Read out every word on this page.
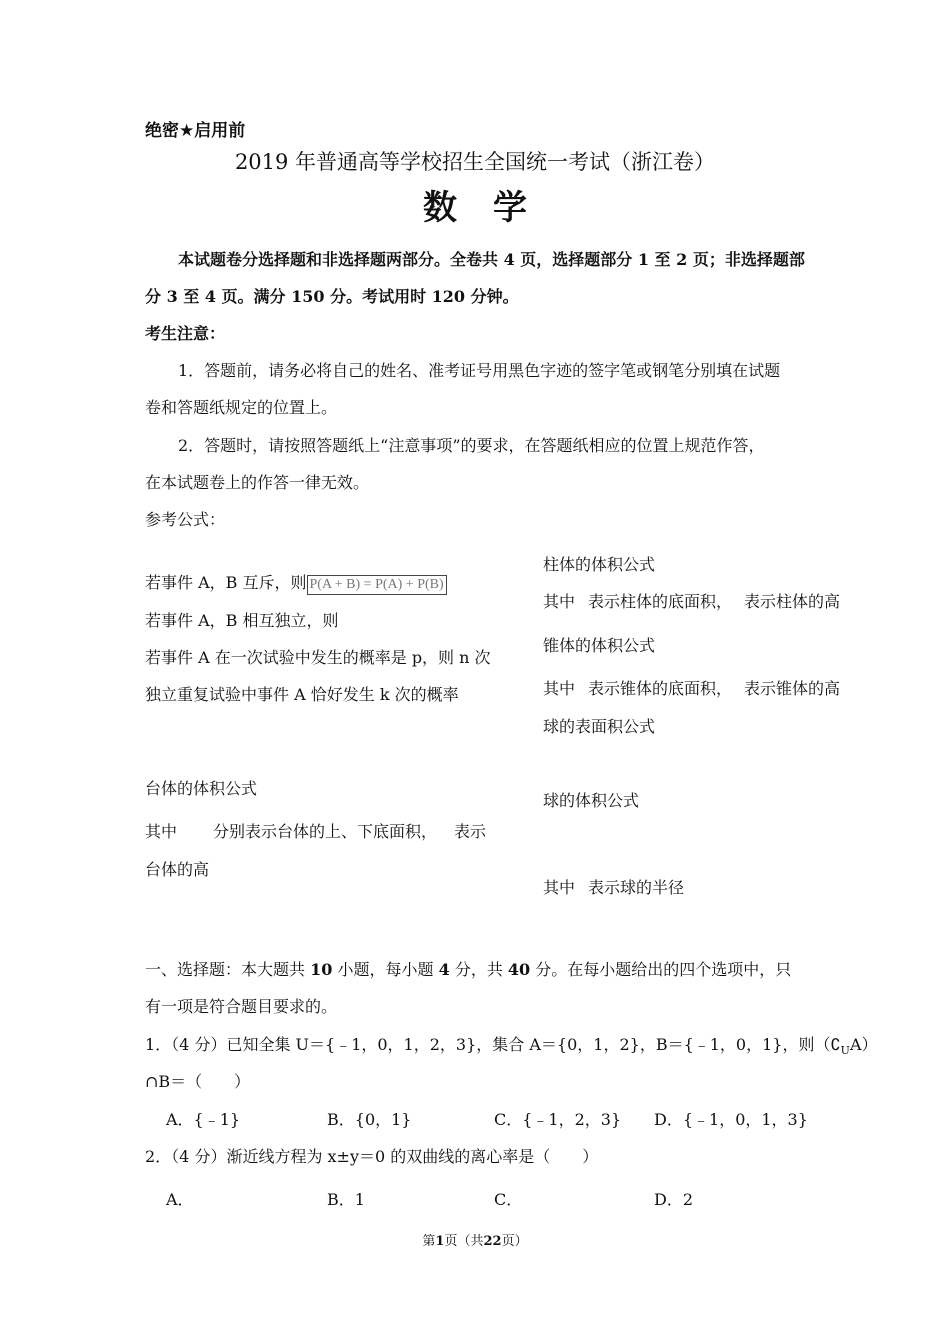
绝密★启用前
2019 年普通高等学校招生全国统一考试（浙江卷）
数学
本试题卷分选择题和非选择题两部分。全卷共 4 页，选择题部分 1 至 2 页；非选择题部
分 3 至 4 页。满分 150 分。考试用时 120 分钟。
考生注意：
1．答题前，请务必将自己的姓名、准考证号用黑色字迹的签字笔或钢笔分别填在试题
卷和答题纸规定的位置上。
2．答题时，请按照答题纸上“注意事项”的要求，在答题纸相应的位置上规范作答，
在本试题卷上的作答一律无效。
参考公式：
若事件 A，B 互斥，则 P(A + B) = P(A) + P(B)
若事件 A，B 相互独立，则
若事件 A 在一次试验中发生的概率是 p，则 n 次
独立重复试验中事件 A 恰好发生 k 次的概率
台体的体积公式
其中 分别表示台体的上、下底面积， 表示
台体的高
柱体的体积公式
其中 表示柱体的底面积， 表示柱体的高
锥体的体积公式
其中 表示锥体的底面积， 表示锥体的高
球的表面积公式
球的体积公式
其中 表示球的半径
一、选择题：本大题共 10 小题，每小题 4 分，共 40 分。在每小题给出的四个选项中，只
有一项是符合题目要求的。
1．（4 分）已知全集 U＝{﹣1，0，1，2，3}，集合 A＝{0，1，2}，B＝{﹣1，0，1}，则$(∁_UA)$
∩B＝（　　）
A．{﹣1}	B．{0，1}	C．{﹣1，2，3} D．{﹣1，0，1，3}
2．（4 分）渐近线方程为 x±y＝0 的双曲线的离心率是（　　）
A．	B．1	C．	D．2
第1页（共22页）
